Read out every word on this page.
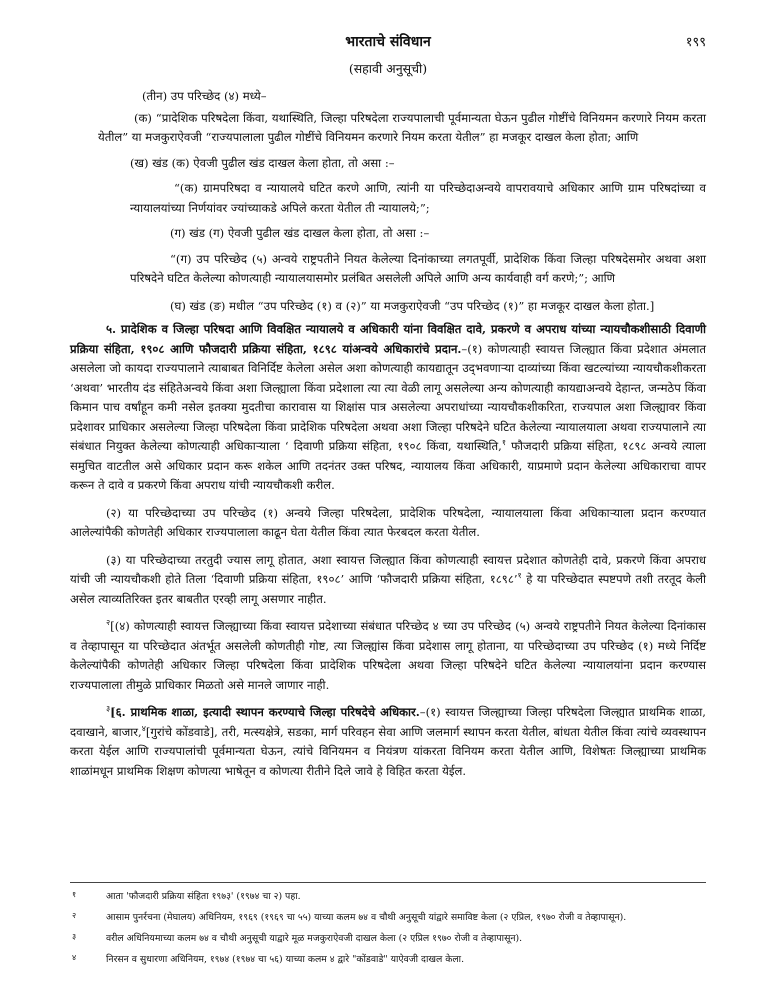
भारताचे संविधान	१९९
(सहावी अनुसूची)

(तीन) उप परिच्छेद (४) मध्ये–

(क) “प्रादेशिक परिषदेला किंवा, यथास्थिति, जिल्हा परिषदेला राज्यपालाची पूर्वमान्यता घेऊन पुढील गोष्टींचे विनियमन करणारे नियम करता येतील” या मजकुराऐवजी “राज्यपालाला पुढील गोष्टींचे विनियमन करणारे नियम करता येतील” हा मजकूर दाखल केला होता; आणि

(ख) खंड (क) ऐवजी पुढील खंड दाखल केला होता, तो असा :–

“(क) ग्रामपरिषदा व न्यायालये घटित करणे आणि, त्यांनी या परिच्छेदाअन्वये वापरावयाचे अधिकार आणि ग्राम परिषदांच्या व न्यायालयांच्या निर्णयांवर ज्यांच्याकडे अपिले करता येतील ती न्यायालये;”;

(ग) खंड (ग) ऐवजी पुढील खंड दाखल केला होता, तो असा :–

“(ग) उप परिच्छेद (५) अन्वये राष्ट्रपतीने नियत केलेल्या दिनांकाच्या लगतपूर्वी, प्रादेशिक किंवा जिल्हा परिषदेसमोर अथवा अशा परिषदेने घटित केलेल्या कोणत्याही न्यायालयासमोर प्रलंबित असलेली अपिले आणि अन्य कार्यवाही वर्ग करणे;”; आणि

(घ) खंड (ङ) मधील “उप परिच्छेद (१) व (२)” या मजकुराऐवजी “उप परिच्छेद (१)” हा मजकूर दाखल केला होता.]

५. प्रादेशिक व जिल्हा परिषदा आणि विवक्षित न्यायालये व अधिकारी यांना विवक्षित दावे, प्रकरणे व अपराध यांच्या न्यायचौकशीसाठी दिवाणी प्रक्रिया संहिता, १९०८ आणि फौजदारी प्रक्रिया संहिता, १८९८ यांअन्वये अधिकारांचे प्रदान.–(१) कोणत्याही स्वायत्त जिल्ह्यात किंवा प्रदेशात अंमलात असलेला जो कायदा राज्यपालाने त्याबाबत विनिर्दिष्ट केलेला असेल अशा कोणत्याही कायद्यातून उद्‌भवणाऱ्या दाव्यांच्या किंवा खटल्यांच्या न्यायचौकशीकरता ‘अथवा’ भारतीय दंड संहितेअन्वये किंवा अशा जिल्ह्याला किंवा प्रदेशाला त्या त्या वेळी लागू असलेल्या अन्य कोणत्याही कायद्याअन्वये देहान्त, जन्मठेप किंवा किमान पाच वर्षांहून कमी नसेल इतक्या मुदतीचा कारावास या शिक्षांस पात्र असलेल्या अपराधांच्या न्यायचौकशीकरिता, राज्यपाल अशा जिल्ह्यावर किंवा प्रदेशावर प्राधिकार असलेल्या जिल्हा परिषदेला किंवा प्रादेशिक परिषदेला अथवा अशा जिल्हा परिषदेने घटित केलेल्या न्यायालयाला अथवा राज्यपालाने त्या संबंधात नियुक्त केलेल्या कोणत्याही अधिकाऱ्याला ‘ दिवाणी प्रक्रिया संहिता, १९०८ किंवा, यथास्थिति,$^१$ फौजदारी प्रक्रिया संहिता, १८९८ अन्वये त्याला समुचित वाटतील असे अधिकार प्रदान करू शकेल आणि तदनंतर उक्त परिषद, न्यायालय किंवा अधिकारी, याप्रमाणे प्रदान केलेल्या अधिकाराचा वापर करून ते दावे व प्रकरणे किंवा अपराध यांची न्यायचौकशी करील.

(२) या परिच्छेदाच्या उप परिच्छेद (१) अन्वये जिल्हा परिषदेला, प्रादेशिक परिषदेला, न्यायालयाला किंवा अधिकाऱ्याला प्रदान करण्यात आलेल्यांपैकी कोणतेही अधिकार राज्यपालाला काढून घेता येतील किंवा त्यात फेरबदल करता येतील.

(३) या परिच्छेदाच्या तरतुदी ज्यास लागू होतात, अशा स्वायत्त जिल्ह्यात किंवा कोणत्याही स्वायत्त प्रदेशात कोणतेही दावे, प्रकरणे किंवा अपराध यांची जी न्यायचौकशी होते तिला ‘दिवाणी प्रक्रिया संहिता, १९०८’ आणि ‘फौजदारी प्रक्रिया संहिता, १८९८’$^१$ हे या परिच्छेदात स्पष्टपणे तशी तरतूद केली असेल त्याव्यतिरिक्त इतर बाबतीत एरव्ही लागू असणार नाहीत.

$^२$[(४) कोणत्याही स्वायत्त जिल्ह्याच्या किंवा स्वायत्त प्रदेशाच्या संबंधात परिच्छेद ४ च्या उप परिच्छेद (५) अन्वये राष्ट्रपतीने नियत केलेल्या दिनांकास व तेव्हापासून या परिच्छेदात अंतर्भूत असलेली कोणतीही गोष्ट, त्या जिल्ह्यांस किंवा प्रदेशास लागू होताना, या परिच्छेदाच्या उप परिच्छेद (१) मध्ये निर्दिष्ट केलेल्यांपैकी कोणतेही अधिकार जिल्हा परिषदेला किंवा प्रादेशिक परिषदेला अथवा जिल्हा परिषदेने घटित केलेल्या न्यायालयांना प्रदान करण्यास राज्यपालाला तीमुळे प्राधिकार मिळतो असे मानले जाणार नाही.

$^३$[६. प्राथमिक शाळा, इत्यादी स्थापन करण्याचे जिल्हा परिषदेचे अधिकार.–(१) स्वायत्त जिल्ह्याच्या जिल्हा परिषदेला जिल्ह्यात प्राथमिक शाळा, दवाखाने, बाजार,$^४$[गुरांचे कोंडवाडे], तरी, मत्स्यक्षेत्रे, सडका, मार्ग परिवहन सेवा आणि जलमार्ग स्थापन करता येतील, बांधता येतील किंवा त्यांचे व्यवस्थापन करता येईल आणि राज्यपालांची पूर्वमान्यता घेऊन, त्यांचे विनियमन व नियंत्रण यांकरता विनियम करता येतील आणि, विशेषतः जिल्ह्याच्या प्राथमिक शाळांमधून प्राथमिक शिक्षण कोणत्या भाषेतून व कोणत्या रीतीने दिले जावे हे विहित करता येईल.

१	आता 'फौजदारी प्रक्रिया संहिता १९७३' (१९७४ चा २) पहा.
२	आसाम पुनर्रचना (मेघालय) अधिनियम, १९६९ (१९६९ चा ५५) याच्या कलम ७४ व चौथी अनुसूची यांद्वारे समाविष्ट केला (२ एप्रिल, १९७० रोजी व तेव्हापासून).
३	वरील अधिनियमाच्या कलम ७४ व चौथी अनुसूची याद्वारे मूळ मजकुराऐवजी दाखल केला (२ एप्रिल १९७० रोजी व तेव्हापासून).
४	निरसन व सुधारणा अधिनियम, १९७४ (१९७४ चा ५६) याच्या कलम ४ द्वारे "कोंडवाडे" याऐवजी दाखल केला.
